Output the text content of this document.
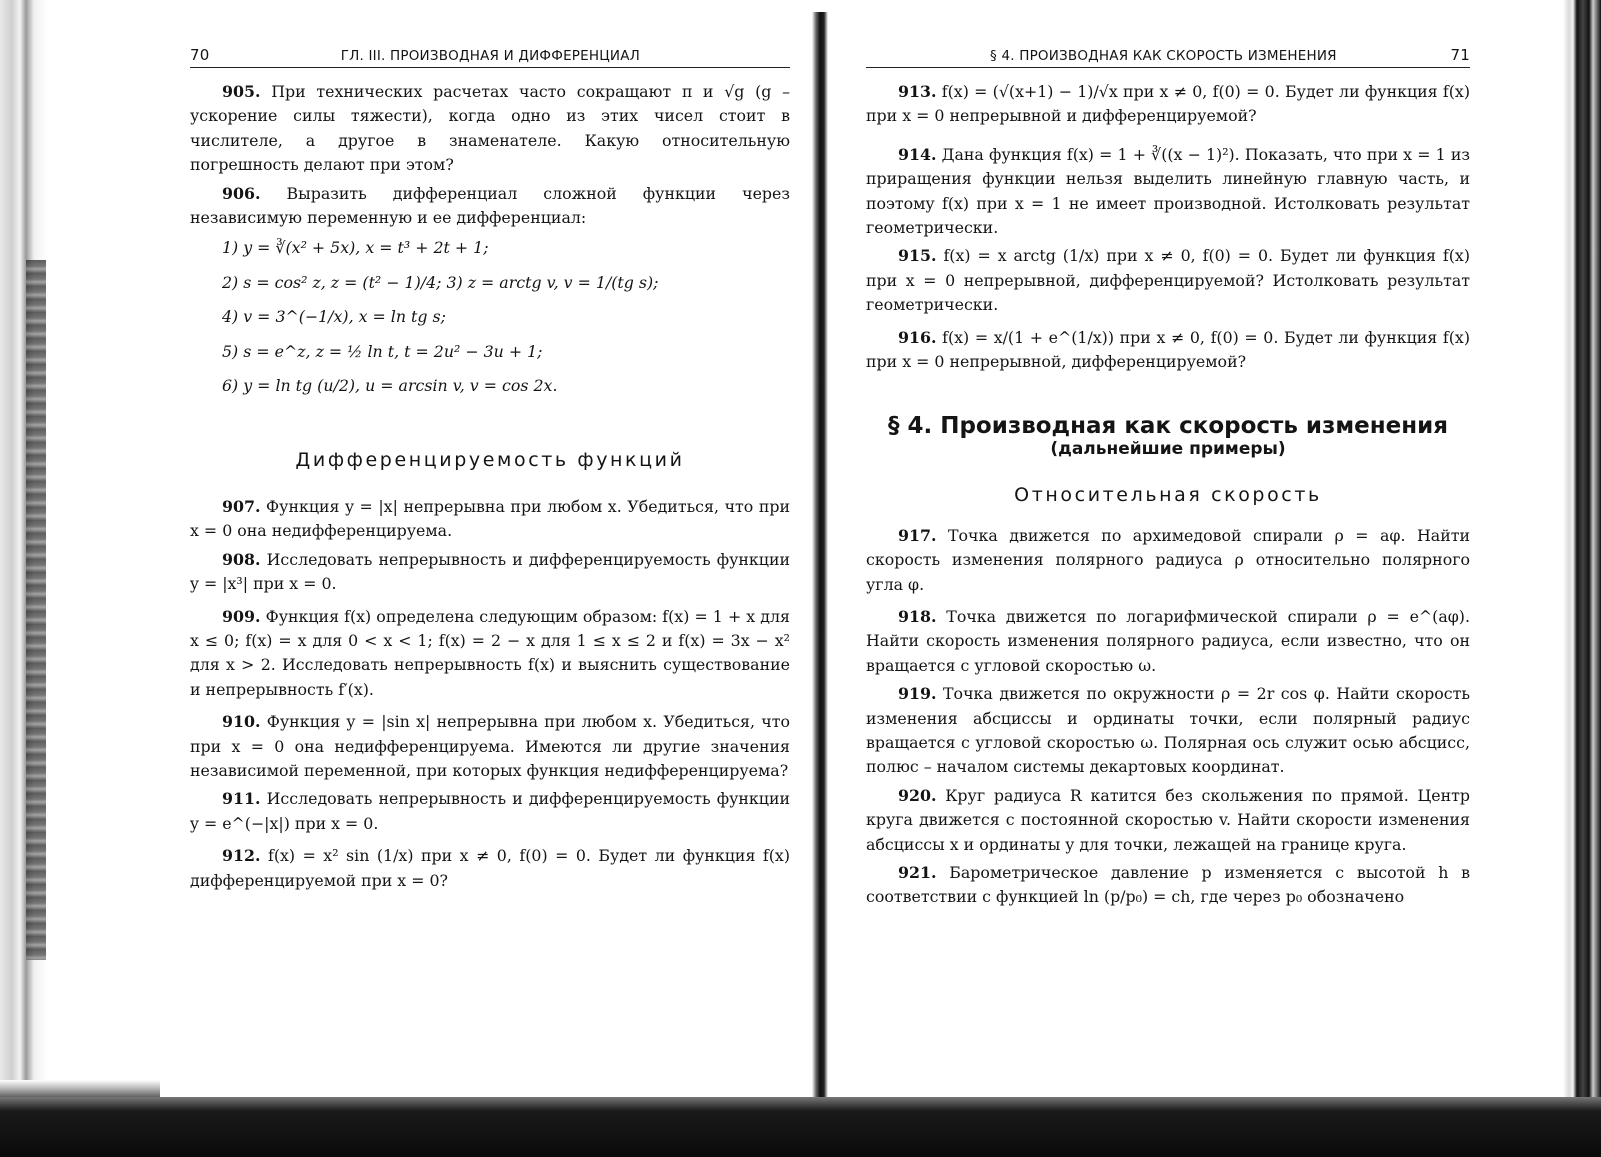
70	ГЛ. III. ПРОИЗВОДНАЯ И ДИФФЕРЕНЦИАЛ

905. При технических расчетах часто сокращают π и √g (g – ускорение силы тяжести), когда одно из этих чисел стоит в числителе, а другое в знаменателе. Какую относительную погрешность делают при этом?

906. Выразить дифференциал сложной функции через независимую переменную и ее дифференциал:

1) y = ∛(x² + 5x), x = t³ + 2t + 1;
2) s = cos² z, z = (t² − 1)/4; 3) z = arctg v, v = 1/(tg s);
4) v = 3^(−1/x), x = ln tg s;
5) s = e^z, z = ½ ln t, t = 2u² − 3u + 1;
6) y = ln tg (u/2), u = arcsin v, v = cos 2x.
Дифференцируемость функций

907. Функция y = |x| непрерывна при любом x. Убедиться, что при x = 0 она недифференцируема.

908. Исследовать непрерывность и дифференцируемость функции y = |x³| при x = 0.

909. Функция f(x) определена следующим образом: f(x) = 1 + x для x ≤ 0; f(x) = x для 0 < x < 1; f(x) = 2 − x для 1 ≤ x ≤ 2 и f(x) = 3x − x² для x > 2. Исследовать непрерывность f(x) и выяснить существование и непрерывность f′(x).

910. Функция y = |sin x| непрерывна при любом x. Убедиться, что при x = 0 она недифференцируема. Имеются ли другие значения независимой переменной, при которых функция недифференцируема?

911. Исследовать непрерывность и дифференцируемость функции y = e^(−|x|) при x = 0.

912. f(x) = x² sin (1/x) при x ≠ 0, f(0) = 0. Будет ли функция f(x) дифференцируемой при x = 0?

§ 4. ПРОИЗВОДНАЯ КАК СКОРОСТЬ ИЗМЕНЕНИЯ	71

913. f(x) = (√(x+1) − 1)/√x при x ≠ 0, f(0) = 0. Будет ли функция f(x) при x = 0 непрерывной и дифференцируемой?

914. Дана функция f(x) = 1 + ∛((x − 1)²). Показать, что при x = 1 из приращения функции нельзя выделить линейную главную часть, и поэтому f(x) при x = 1 не имеет производной. Истолковать результат геометрически.

915. f(x) = x arctg (1/x) при x ≠ 0, f(0) = 0. Будет ли функция f(x) при x = 0 непрерывной, дифференцируемой? Истолковать результат геометрически.

916. f(x) = x/(1 + e^(1/x)) при x ≠ 0, f(0) = 0. Будет ли функция f(x) при x = 0 непрерывной, дифференцируемой?

§ 4. Производная как скорость изменения
(дальнейшие примеры)
Относительная скорость

917. Точка движется по архимедовой спирали ρ = aφ. Найти скорость изменения полярного радиуса ρ относительно полярного угла φ.

918. Точка движется по логарифмической спирали ρ = e^(aφ). Найти скорость изменения полярного радиуса, если известно, что он вращается с угловой скоростью ω.

919. Точка движется по окружности ρ = 2r cos φ. Найти скорость изменения абсциссы и ординаты точки, если полярный радиус вращается с угловой скоростью ω. Полярная ось служит осью абсцисс, полюс – началом системы декартовых координат.

920. Круг радиуса R катится без скольжения по прямой. Центр круга движется с постоянной скоростью v. Найти скорости изменения абсциссы x и ординаты y для точки, лежащей на границе круга.

921. Барометрическое давление p изменяется с высотой h в соответствии с функцией ln (p/p₀) = ch, где через p₀ обозначено
